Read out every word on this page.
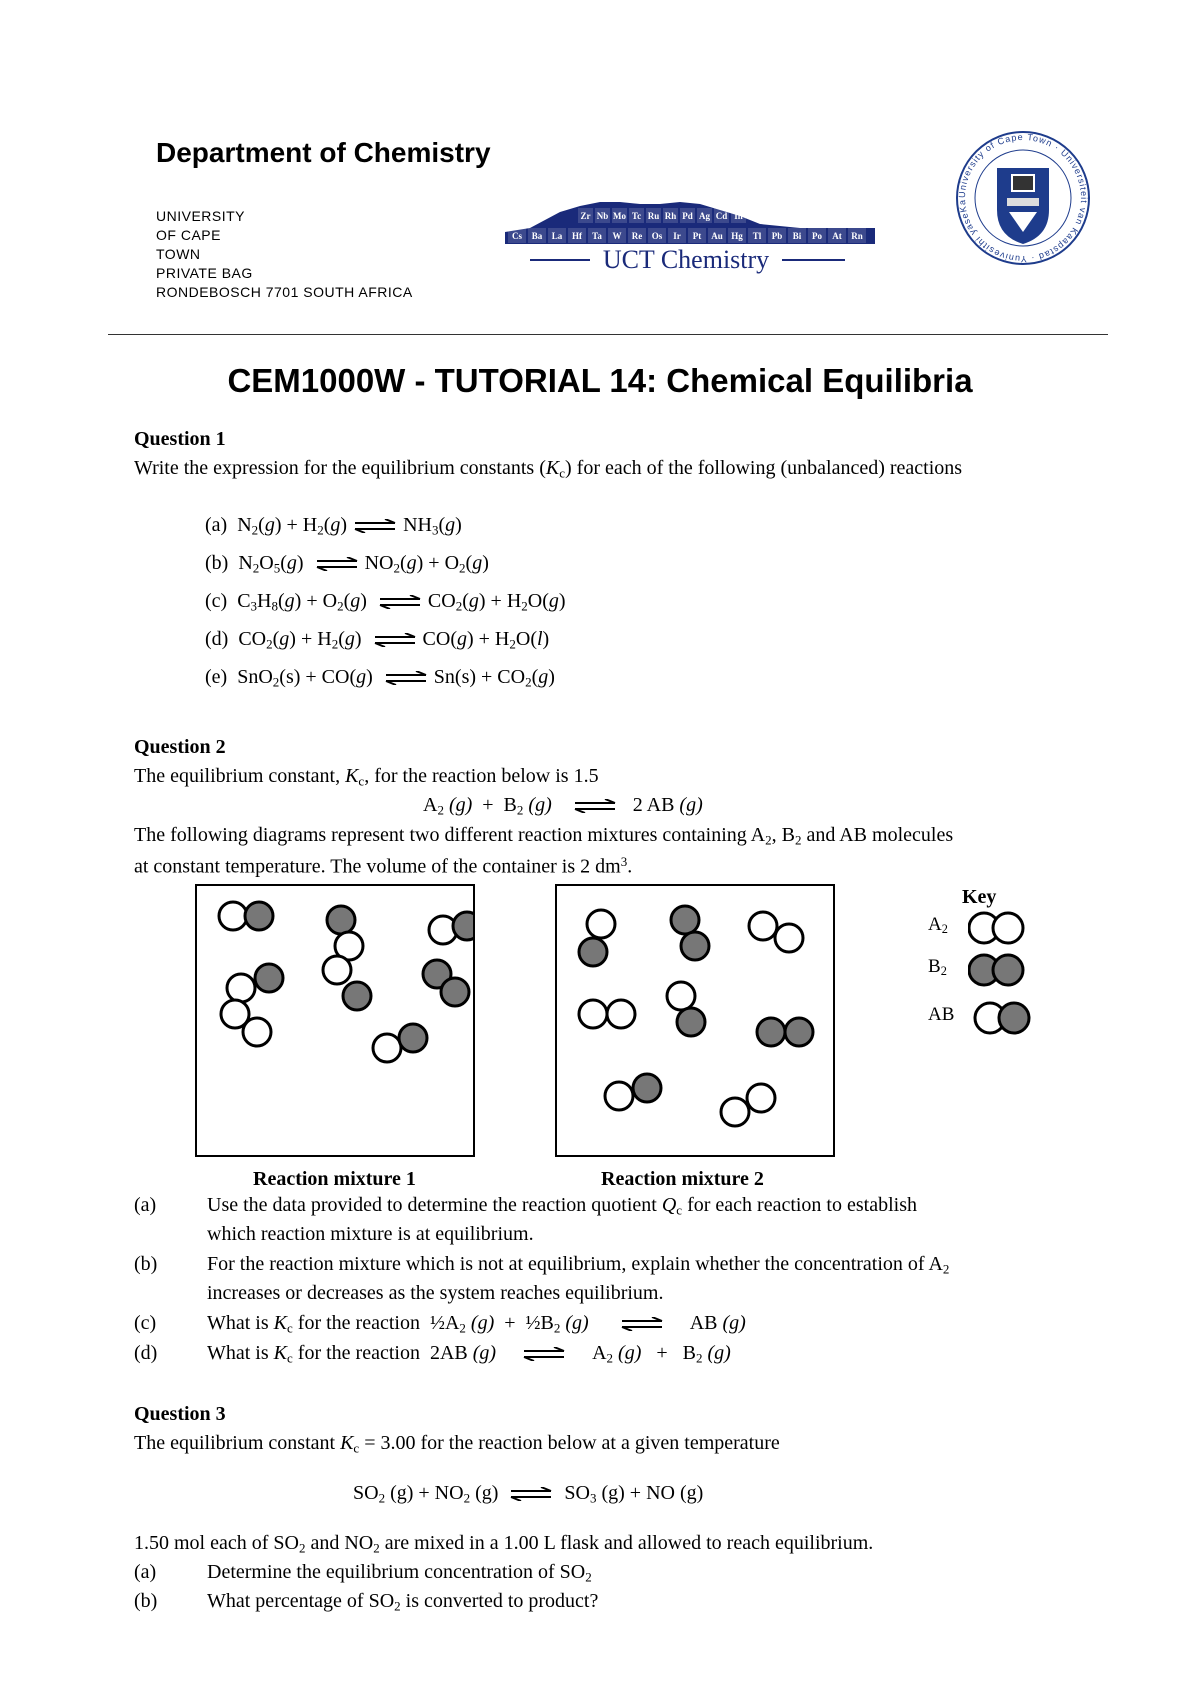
Department of Chemistry
UNIVERSITY
OF CAPE
TOWN
PRIVATE BAG
RONDEBOSCH 7701 SOUTH AFRICA
Zr Nb Mo Tc Ru Rh Pd Ag Cd In
Cs Ba La Hf Ta W Re Os Ir Pt Au Hg Tl Pb Bi Po At Rn
UCT Chemistry
University of Cape Town · Universiteit van Kaapstad · Yunivesithi yaseKa
CEM1000W - TUTORIAL 14: Chemical Equilibria
Question 1
Write the expression for the equilibrium constants $(K_c)$ for each of the following (unbalanced) reactions
(a)  $N_2(g) + H_2(g)$ ⇌ $NH_3(g)$
(b)  $N_2O_5(g)$ ⇌ $NO_2(g) + O_2(g)$
(c)  $C_3H_8(g) + O_2(g)$ ⇌ $CO_2(g) + H_2O(g)$
(d)  $CO_2(g) + H_2(g)$ ⇌ $CO(g) + H_2O(l)$
(e)  SnO$_2$(s) + CO(g) ⇌ $Sn(s) + CO_2(g)$
Question 2
The equilibrium constant, $K_c$, for the reaction below is 1.5
$A_2$ $(g) + B_2$ (g) ⇌ 2 AB (g)
The following diagrams represent two different reaction mixtures containing $A_2$, $B_2$ and AB molecules
at constant temperature. The volume of the container is 2 $dm^3$.
Key
$A_2$
$B_2$
AB
Reaction mixture 1	Reaction mixture 2
(a)	Use the data provided to determine the reaction quotient $Q_c$ for each reaction to establish
which reaction mixture is at equilibrium.
(b) For the reaction mixture which is not at equilibrium, explain whether the concentration of $A_2$
increases or decreases as the system reaches equilibrium.
(c)	What is $K_c$ for the reaction  $\frac{1}{2}A_2$ $(g) + \frac{1}{2}B_2$ (g) ⇌ AB (g)
(d) What is $K_c$ for the reaction  2AB (g) ⇌ $A_2$ $(g) + B_2$ (g)
Question 3
The equilibrium constant $K_c = 3.00$ for the reaction below at a given temperature
$SO_2$ $(g) + NO_2$ (g) ⇌ $SO_3$ (g) + NO (g)
1.50 mol each of $SO_2$ and $NO_2$ are mixed in a 1.00 L flask and allowed to reach equilibrium.
(a)	Determine the equilibrium concentration of $SO_2$
(b) What percentage of $SO_2$ is converted to product?
